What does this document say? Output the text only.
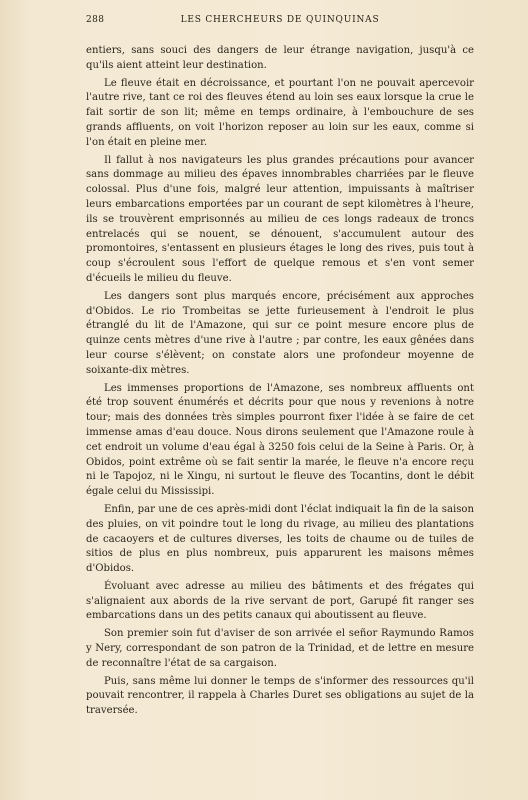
288	LES CHERCHEURS DE QUINQUINAS

entiers, sans souci des dangers de leur étrange navigation, jusqu'à ce qu'ils aient atteint leur destination.

Le fleuve était en décroissance, et pourtant l'on ne pouvait apercevoir l'autre rive, tant ce roi des fleuves étend au loin ses eaux lorsque la crue le fait sortir de son lit; même en temps ordinaire, à l'embouchure de ses grands affluents, on voit l'horizon reposer au loin sur les eaux, comme si l'on était en pleine mer.

Il fallut à nos navigateurs les plus grandes précautions pour avancer sans dommage au milieu des épaves innombrables charriées par le fleuve colossal. Plus d'une fois, malgré leur attention, impuissants à maîtriser leurs embarcations emportées par un courant de sept kilomètres à l'heure, ils se trouvèrent emprisonnés au milieu de ces longs radeaux de troncs entrelacés qui se nouent, se dénouent, s'accumulent autour des promontoires, s'entassent en plusieurs étages le long des rives, puis tout à coup s'écroulent sous l'effort de quelque remous et s'en vont semer d'écueils le milieu du fleuve.

Les dangers sont plus marqués encore, précisément aux approches d'Obidos. Le rio Trombeitas se jette furieusement à l'endroit le plus étranglé du lit de l'Amazone, qui sur ce point mesure encore plus de quinze cents mètres d'une rive à l'autre ; par contre, les eaux gênées dans leur course s'élèvent; on constate alors une profondeur moyenne de soixante-dix mètres.

Les immenses proportions de l'Amazone, ses nombreux affluents ont été trop souvent énumérés et décrits pour que nous y revenions à notre tour; mais des données très simples pourront fixer l'idée à se faire de cet immense amas d'eau douce. Nous dirons seulement que l'Amazone roule à cet endroit un volume d'eau égal à 3250 fois celui de la Seine à Paris. Or, à Obidos, point extrême où se fait sentir la marée, le fleuve n'a encore reçu ni le Tapojoz, ni le Xingu, ni surtout le fleuve des Tocantins, dont le débit égale celui du Mississipi.

Enfin, par une de ces après-midi dont l'éclat indiquait la fin de la saison des pluies, on vit poindre tout le long du rivage, au milieu des plantations de cacaoyers et de cultures diverses, les toits de chaume ou de tuiles de sitios de plus en plus nombreux, puis apparurent les maisons mêmes d'Obidos.

Évoluant avec adresse au milieu des bâtiments et des frégates qui s'alignaient aux abords de la rive servant de port, Garupé fit ranger ses embarcations dans un des petits canaux qui aboutissent au fleuve.

Son premier soin fut d'aviser de son arrivée el señor Raymundo Ramos y Nery, correspondant de son patron de la Trinidad, et de lettre en mesure de reconnaître l'état de sa cargaison.

Puis, sans même lui donner le temps de s'informer des ressources qu'il pouvait rencontrer, il rappela à Charles Duret ses obligations au sujet de la traversée.
